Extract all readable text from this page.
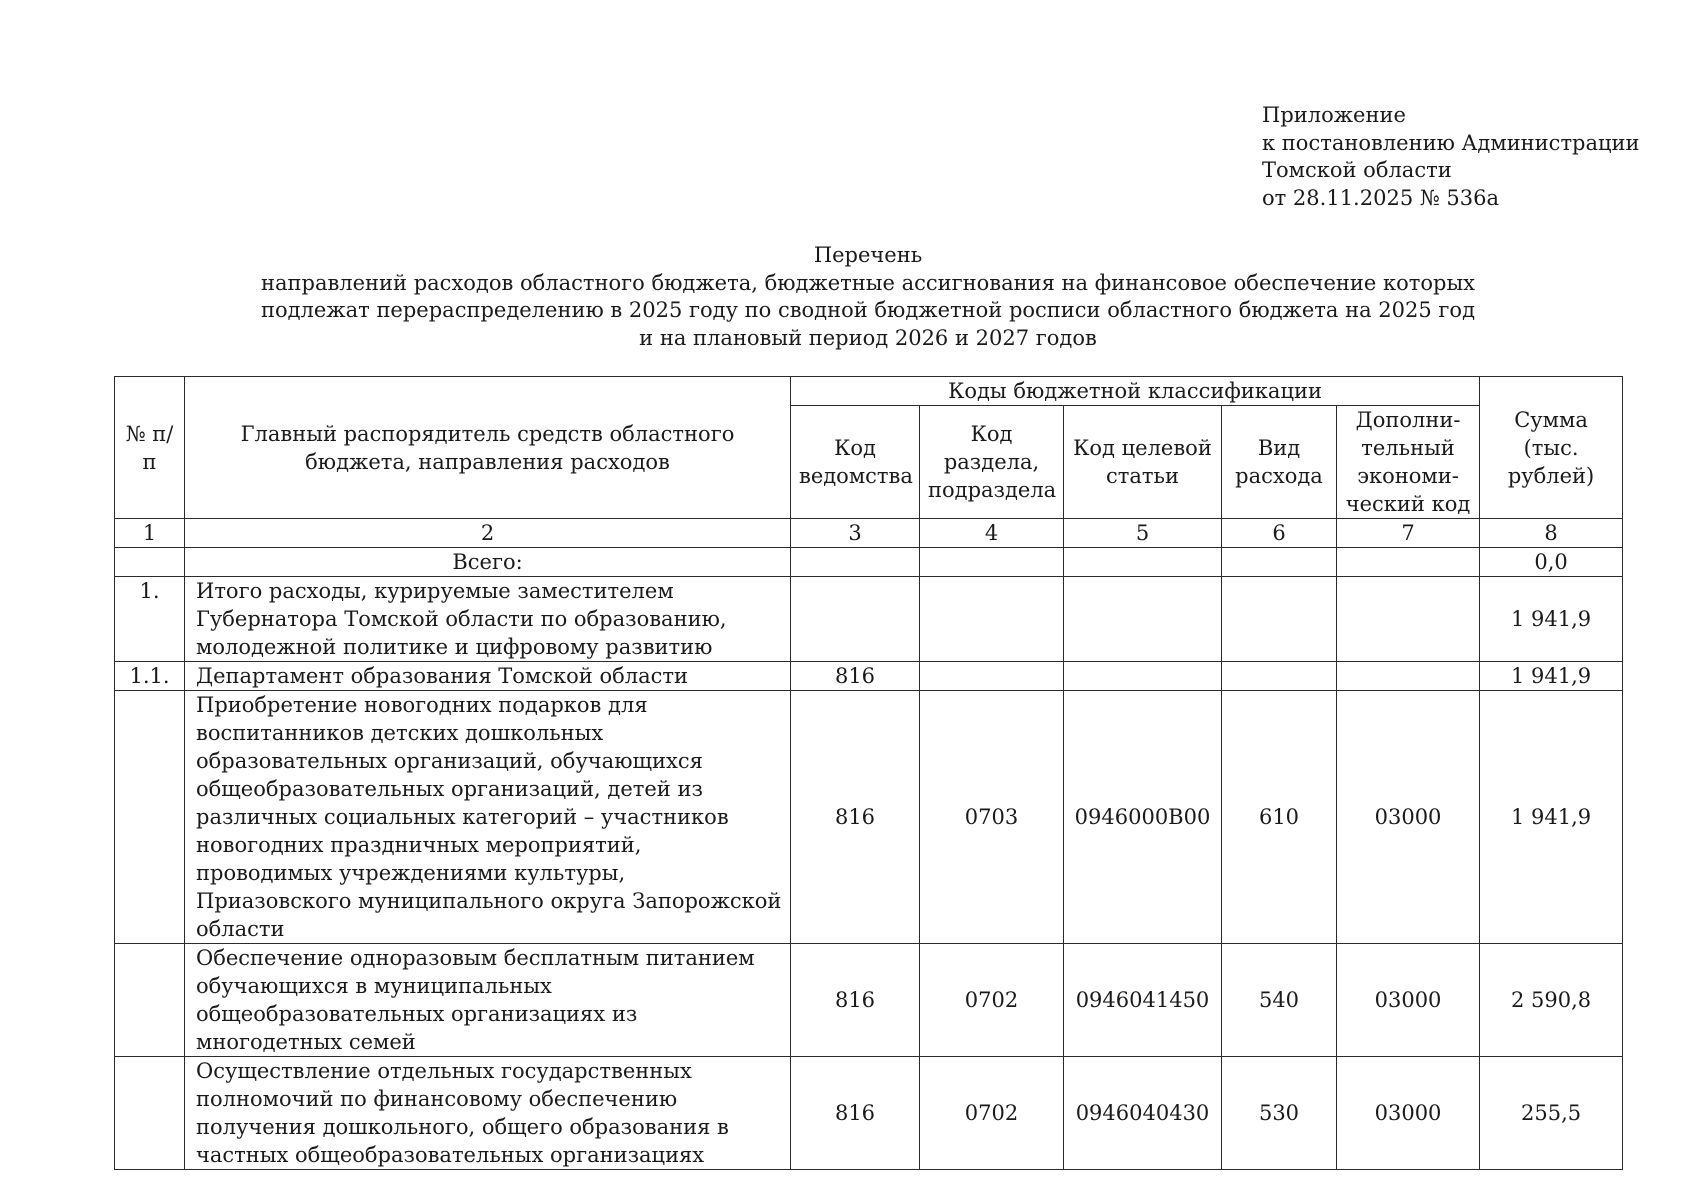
Приложение
к постановлению Администрации
Томской области
от 28.11.2025 № 536а
Перечень
направлений расходов областного бюджета, бюджетные ассигнования на финансовое обеспечение которых
подлежат перераспределению в 2025 году по сводной бюджетной росписи областного бюджета на 2025 год
и на плановый период 2026 и 2027 годов
№ п/п	Главный распорядитель средств областного бюджета, направления расходов	Коды бюджетной классификации					Сумма (тыс. рублей)
		Код ведомства	Код раздела, подраздела	Код целевой статьи	Вид расхода	Дополни-тельный экономи-ческий код	
1	2	3	4	5	6	7	8
	Всего:						0,0
1.	Итого расходы, курируемые заместителем Губернатора Томской области по образованию, молодежной политике и цифровому развитию						1 941,9
1.1.	Департамент образования Томской области	816					1 941,9
	Приобретение новогодних подарков для воспитанников детских дошкольных образовательных организаций, обучающихся общеобразовательных организаций, детей из различных социальных категорий – участников новогодних праздничных мероприятий, проводимых учреждениями культуры, Приазовского муниципального округа Запорожской области	816	0703	0946000B00	610	03000	1 941,9
	Обеспечение одноразовым бесплатным питанием обучающихся в муниципальных общеобразовательных организациях из многодетных семей	816	0702	0946041450	540	03000	2 590,8
	Осуществление отдельных государственных полномочий по финансовому обеспечению получения дошкольного, общего образования в частных общеобразовательных организациях	816	0702	0946040430	530	03000	255,5
